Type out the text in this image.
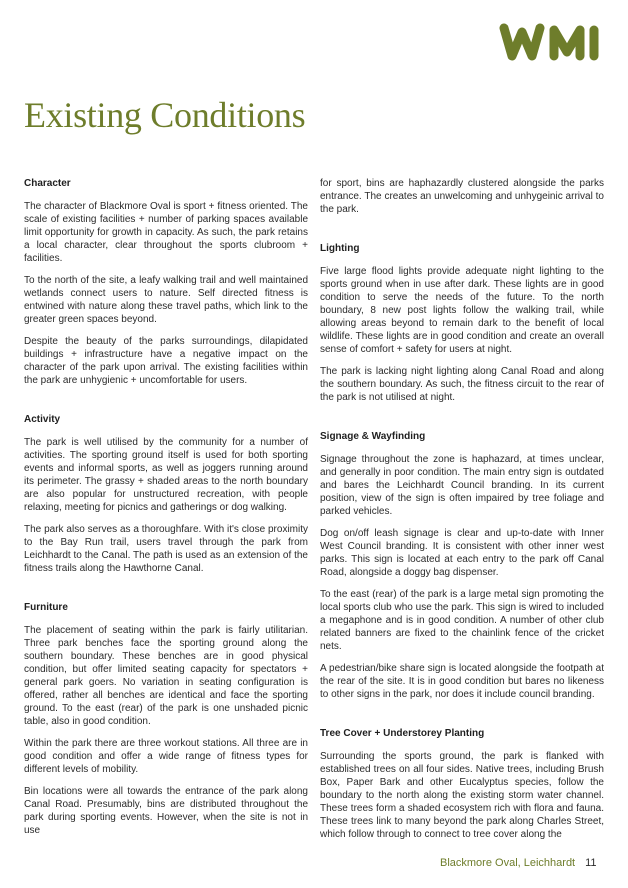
Existing Conditions
Character

The character of Blackmore Oval is sport + fitness oriented. The scale of existing facilities + number of parking spaces available limit opportunity for growth in capacity. As such, the park retains a local character, clear throughout the sports clubroom + facilities.

To the north of the site, a leafy walking trail and well maintained wetlands connect users to nature. Self directed fitness is entwined with nature along these travel paths, which link to the greater green spaces beyond.

Despite the beauty of the parks surroundings, dilapidated buildings + infrastructure have a negative impact on the character of the park upon arrival. The existing facilities within the park are unhygienic + uncomfortable for users.

Activity

The park is well utilised by the community for a number of activities. The sporting ground itself is used for both sporting events and informal sports, as well as joggers running around its perimeter. The grassy + shaded areas to the north boundary are also popular for unstructured recreation, with people relaxing, meeting for picnics and gatherings or dog walking.

The park also serves as a thoroughfare. With it's close proximity to the Bay Run trail, users travel through the park from Leichhardt to the Canal. The path is used as an extension of the fitness trails along the Hawthorne Canal.

Furniture

The placement of seating within the park is fairly utilitarian. Three park benches face the sporting ground along the southern boundary. These benches are in good physical condition, but offer limited seating capacity for spectators + general park goers. No variation in seating configuration is offered, rather all benches are identical and face the sporting ground. To the east (rear) of the park is one unshaded picnic table, also in good condition.

Within the park there are three workout stations. All three are in good condition and offer a wide range of fitness types for different levels of mobility.

Bin locations were all towards the entrance of the park along Canal Road. Presumably, bins are distributed throughout the park during sporting events. However, when the site is not in use

for sport, bins are haphazardly clustered alongside the parks entrance. The creates an unwelcoming and unhygeinic arrival to the park.

Lighting

Five large flood lights provide adequate night lighting to the sports ground when in use after dark. These lights are in good condition to serve the needs of the future. To the north boundary, 8 new post lights follow the walking trail, while allowing areas beyond to remain dark to the benefit of local wildlife. These lights are in good condition and create an overall sense of comfort + safety for users at night.

The park is lacking night lighting along Canal Road and along the southern boundary. As such, the fitness circuit to the rear of the park is not utilised at night.

Signage & Wayfinding

Signage throughout the zone is haphazard, at times unclear, and generally in poor condition. The main entry sign is outdated and bares the Leichhardt Council branding. In its current position, view of the sign is often impaired by tree foliage and parked vehicles.

Dog on/off leash signage is clear and up-to-date with Inner West Council branding. It is consistent with other inner west parks. This sign is located at each entry to the park off Canal Road, alongside a doggy bag dispenser.

To the east (rear) of the park is a large metal sign promoting the local sports club who use the park. This sign is wired to included a megaphone and is in good condition. A number of other club related banners are fixed to the chainlink fence of the cricket nets.

A pedestrian/bike share sign is located alongside the footpath at the rear of the site. It is in good condition but bares no likeness to other signs in the park, nor does it include council branding.

Tree Cover + Understorey Planting

Surrounding the sports ground, the park is flanked with established trees on all four sides. Native trees, including Brush Box, Paper Bark and other Eucalyptus species, follow the boundary to the north along the existing storm water channel. These trees form a shaded ecosystem rich with flora and fauna. These trees link to many beyond the park along Charles Street, which follow through to connect to tree cover along the

Blackmore Oval, Leichhardt 11
